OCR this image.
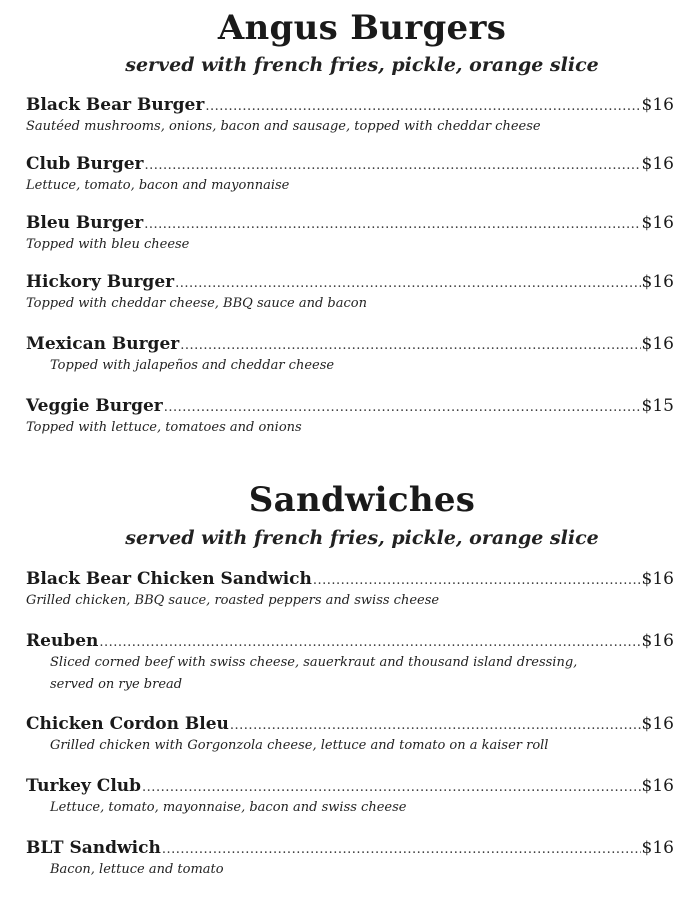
Angus Burgers
served with french fries, pickle, orange slice
Black Bear Burger .....	$16
Sautéed mushrooms, onions, bacon and sausage, topped with cheddar cheese
Club Burger .....	$16
Lettuce, tomato, bacon and mayonnaise
Bleu Burger .....	$16
Topped with bleu cheese
Hickory Burger .....	$16
Topped with cheddar cheese, BBQ sauce and bacon
Mexican Burger .....	$16
Topped with jalapeños and cheddar cheese
Veggie Burger .....	$15
Topped with lettuce, tomatoes and onions
Sandwiches
served with french fries, pickle, orange slice
Black Bear Chicken Sandwich .....	$16
Grilled chicken, BBQ sauce, roasted peppers and swiss cheese
Reuben .....	$16
Sliced corned beef with swiss cheese, sauerkraut and thousand island dressing,
served on rye bread
Chicken Cordon Bleu .....	$16
Grilled chicken with Gorgonzola cheese, lettuce and tomato on a kaiser roll
Turkey Club .....	$16
Lettuce, tomato, mayonnaise, bacon and swiss cheese
BLT Sandwich .....	$16
Bacon, lettuce and tomato
